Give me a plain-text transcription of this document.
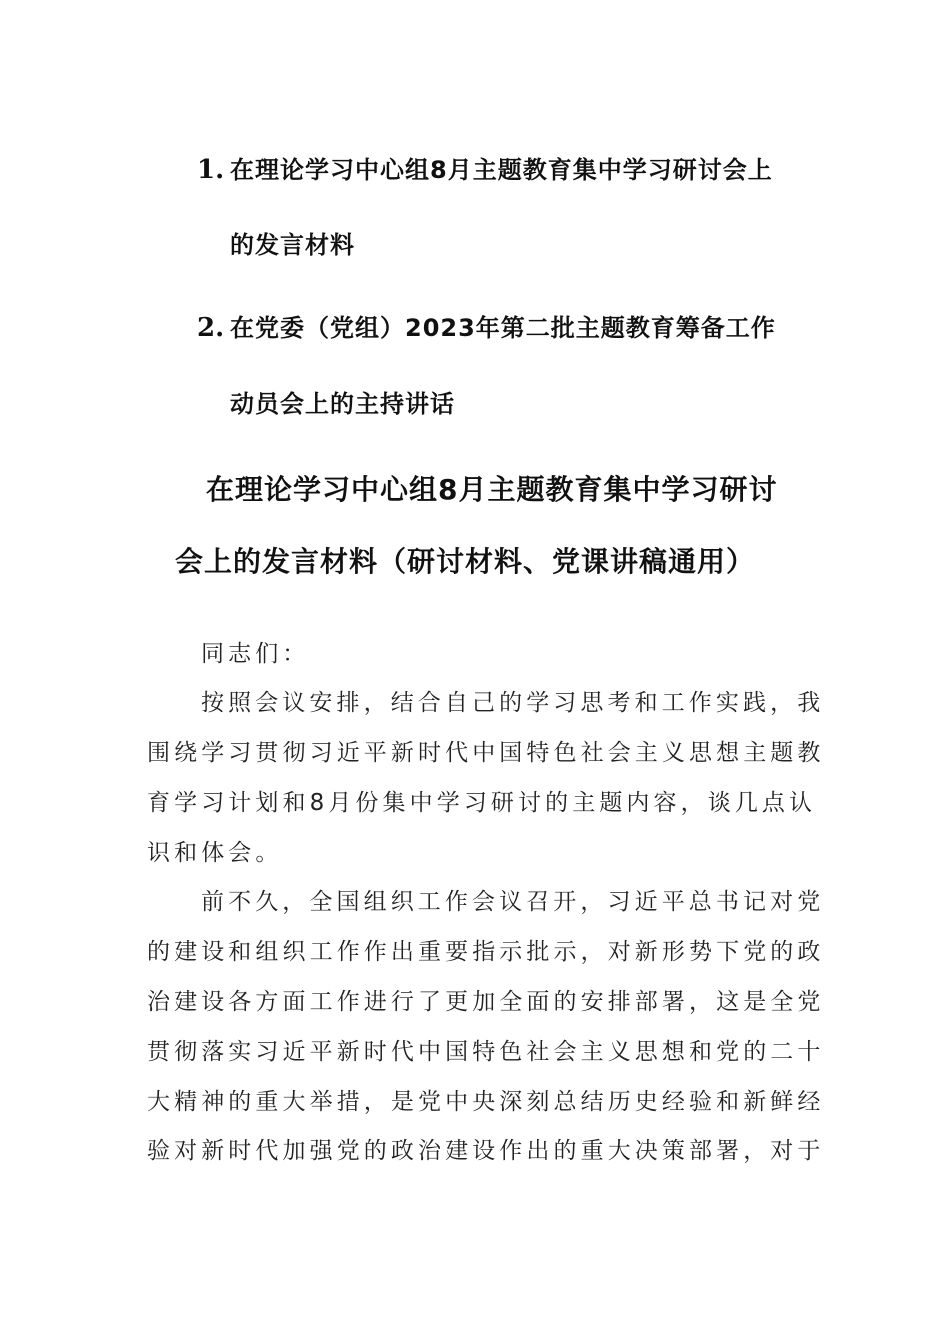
1. 在理论学习中心组8月主题教育集中学习研讨会上
的发言材料
2. 在党委（党组）2023年第二批主题教育筹备工作
动员会上的主持讲话
在理论学习中心组8月主题教育集中学习研讨
会上的发言材料（研讨材料、党课讲稿通用）
同志们：
按照会议安排，结合自己的学习思考和工作实践，我
围绕学习贯彻习近平新时代中国特色社会主义思想主题教
育学习计划和8月份集中学习研讨的主题内容，谈几点认
识和体会。
前不久，全国组织工作会议召开，习近平总书记对党
的建设和组织工作作出重要指示批示，对新形势下党的政
治建设各方面工作进行了更加全面的安排部署，这是全党
贯彻落实习近平新时代中国特色社会主义思想和党的二十
大精神的重大举措，是党中央深刻总结历史经验和新鲜经
验对新时代加强党的政治建设作出的重大决策部署，对于
